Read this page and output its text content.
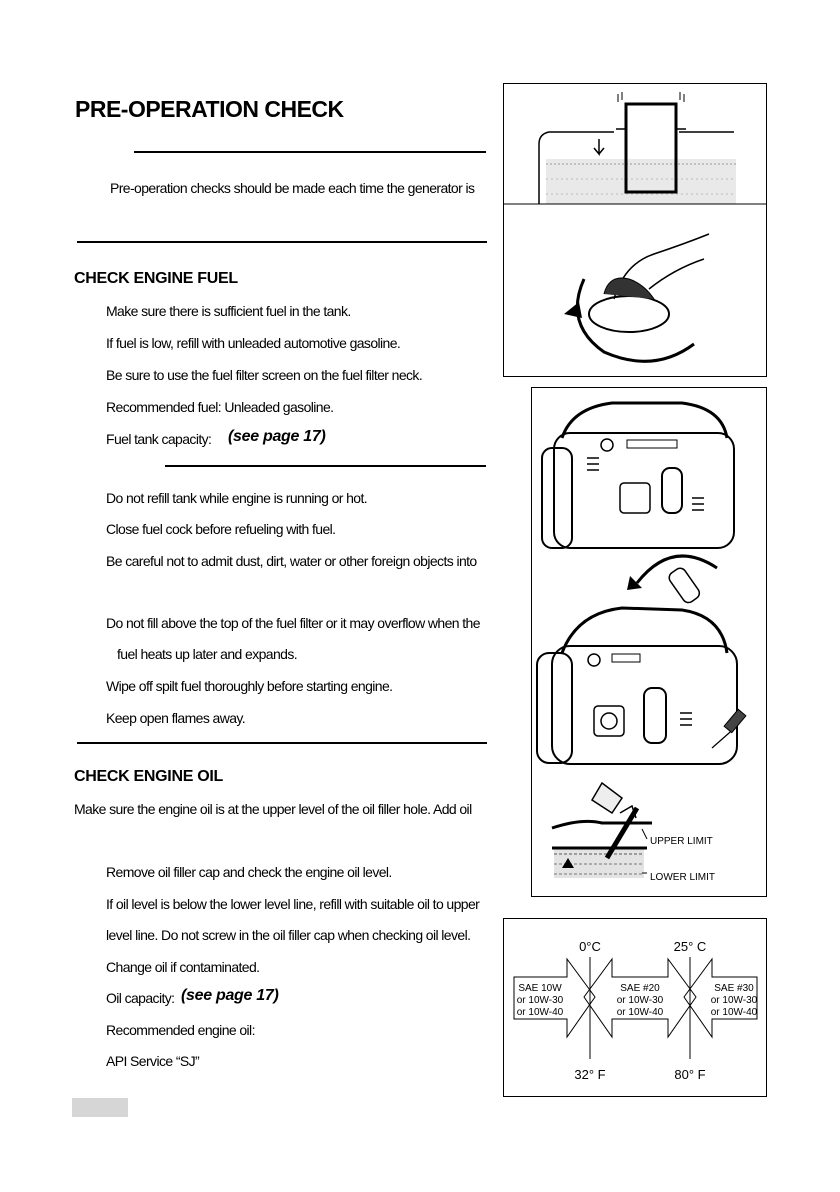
PRE-OPERATION CHECK
Pre-operation checks should be made each time the generator is
CHECK ENGINE FUEL
Make sure there is sufficient fuel in the tank.
If fuel is low, refill with unleaded automotive gasoline.
Be sure to use the fuel filter screen on the fuel filter neck.
Recommended fuel: Unleaded gasoline.
Fuel tank capacity: (see page 17)
Do not refill tank while engine is running or hot.
Close fuel cock before refueling with fuel.
Be careful not to admit dust, dirt, water or other foreign objects into
Do not fill above the top of the fuel filter or it may overflow when the
fuel heats up later and expands.
Wipe off spilt fuel thoroughly before starting engine.
Keep open flames away.
CHECK ENGINE OIL
Make sure the engine oil is at the upper level of the oil filler hole. Add oil
Remove oil filler cap and check the engine oil level.
If oil level is below the lower level line, refill with suitable oil to upper
level line. Do not screw in the oil filler cap when checking oil level.
Change oil if contaminated.
Oil capacity: (see page 17)
Recommended engine oil:
API Service “SJ”
UPPER LIMIT
LOWER LIMIT
0°C	25° C
32° F	80° F
SAE 10W
or 10W-30
or 10W-40
SAE #20
or 10W-30
or 10W-40
SAE #30
or 10W-30
or 10W-40
